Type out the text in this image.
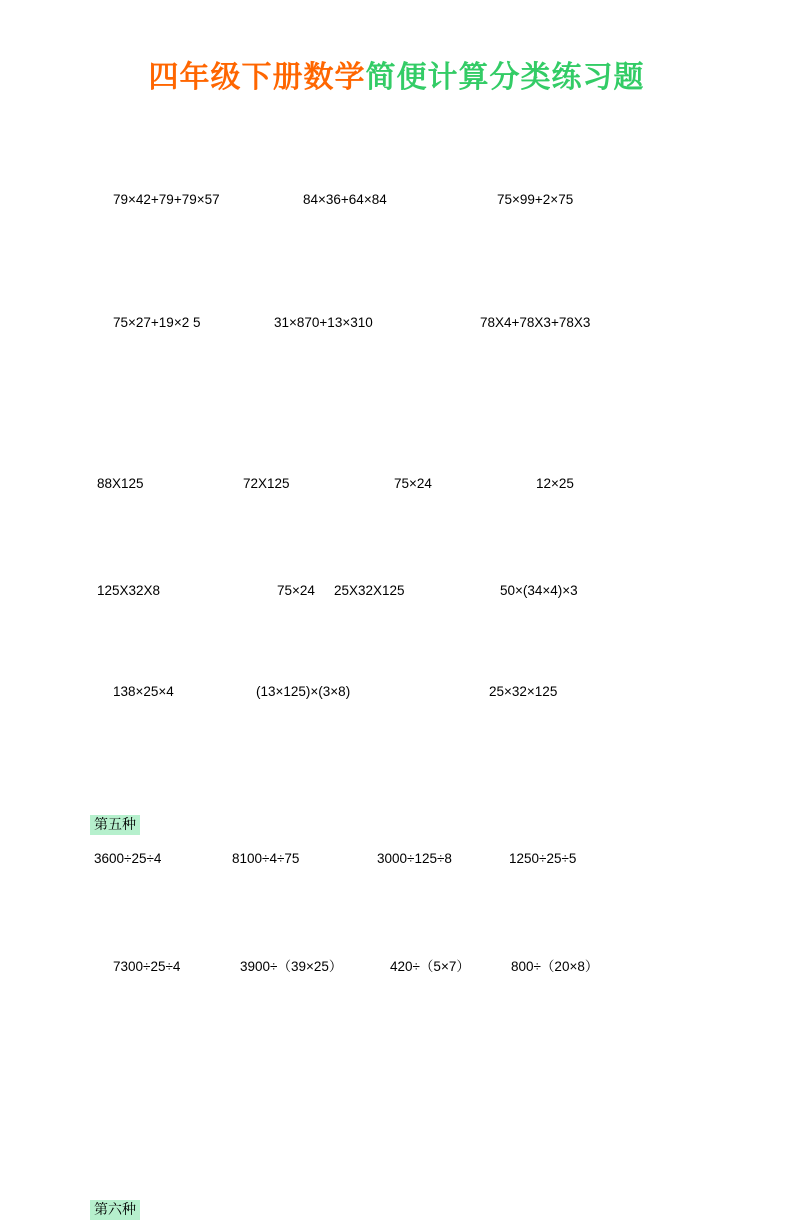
四年级下册数学简便计算分类练习题
第五种
第六种
79×42+79+79×57	84×36+64×84	75×99+2×75
75×27+19×2 5	31×870+13×310	78X4+78X3+78X3
88X125	72X125	75×24	12×25
125X32X8	75×24 25X32X125	50×(34×4)×3
138×25×4	(13×125)×(3×8)	25×32×125
3600÷25÷4	8100÷4÷75	3000÷125÷8	1250÷25÷5
7300÷25÷4	3900÷（39×25）	420÷（5×7）	800÷（20×8）
